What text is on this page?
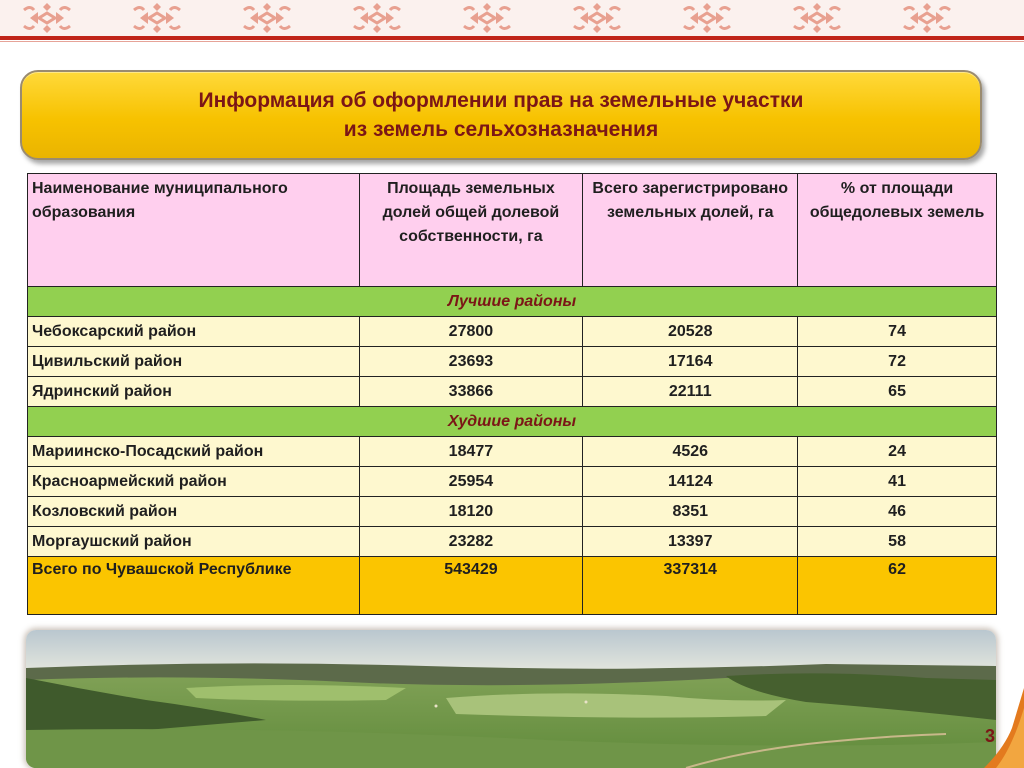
Информация об оформлении прав на земельные участки
из земель сельхозназначения
Наименование муниципального образования	Площадь земельных долей общей долевой собственности, га	Всего зарегистрировано земельных долей, га	% от площади общедолевых земель
Лучшие районы			
Чебоксарский район	27800	20528	74
Цивильский район	23693	17164	72
Ядринский район	33866	22111	65
Худшие районы			
Мариинско-Посадский район	18477	4526	24
Красноармейский район	25954	14124	41
Козловский район	18120	8351	46
Моргаушский район	23282	13397	58
Всего по Чувашской Республике	543429	337314	62
3
